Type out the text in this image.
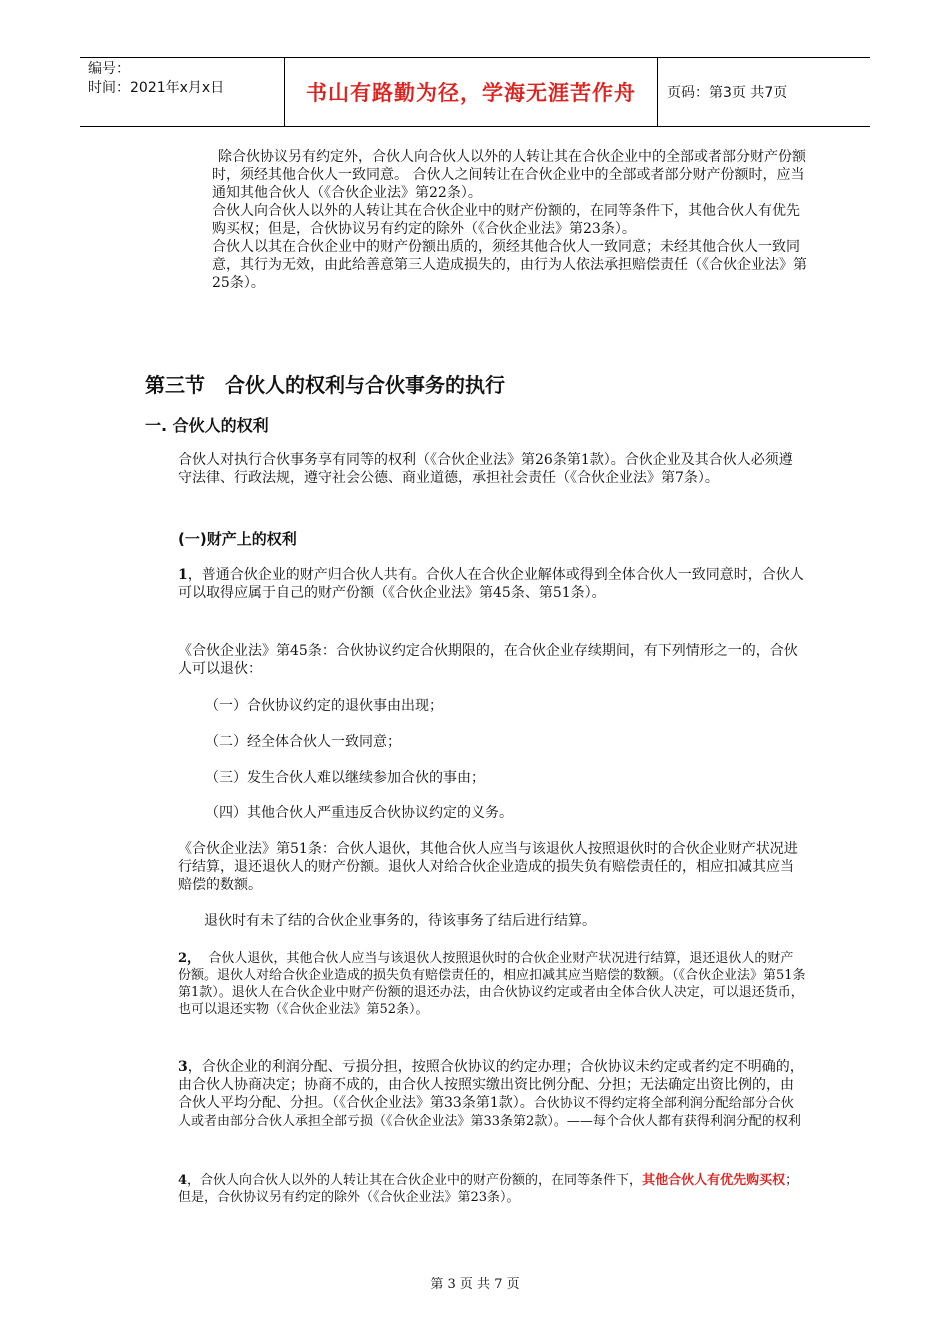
编号：
时间：2021年x月x日	书山有路勤为径，学海无涯苦作舟	页码：第3页 共7页

除合伙协议另有约定外，合伙人向合伙人以外的人转让其在合伙企业中的全部或者部分财产份额时，须经其他合伙人一致同意。 合伙人之间转让在合伙企业中的全部或者部分财产份额时，应当通知其他合伙人（《合伙企业法》第22条）。

合伙人向合伙人以外的人转让其在合伙企业中的财产份额的，在同等条件下，其他合伙人有优先购买权；但是，合伙协议另有约定的除外（《合伙企业法》第23条）。

合伙人以其在合伙企业中的财产份额出质的，须经其他合伙人一致同意；未经其他合伙人一致同意，其行为无效，由此给善意第三人造成损失的，由行为人依法承担赔偿责任（《合伙企业法》第25条）。

第三节　合伙人的权利与合伙事务的执行
一. 合伙人的权利
合伙人对执行合伙事务享有同等的权利（《合伙企业法》第26条第1款）。合伙企业及其合伙人必须遵守法律、行政法规，遵守社会公德、商业道德，承担社会责任（《合伙企业法》第7条）。
(一)财产上的权利
1，普通合伙企业的财产归合伙人共有。合伙人在合伙企业解体或得到全体合伙人一致同意时，合伙人可以取得应属于自己的财产份额（《合伙企业法》第45条、第51条）。
《合伙企业法》第45条：合伙协议约定合伙期限的，在合伙企业存续期间，有下列情形之一的，合伙人可以退伙：
（一）合伙协议约定的退伙事由出现；
（二）经全体合伙人一致同意；
（三）发生合伙人难以继续参加合伙的事由；
（四）其他合伙人严重违反合伙协议约定的义务。
《合伙企业法》第51条：合伙人退伙，其他合伙人应当与该退伙人按照退伙时的合伙企业财产状况进行结算，退还退伙人的财产份额。退伙人对给合伙企业造成的损失负有赔偿责任的，相应扣减其应当赔偿的数额。
退伙时有未了结的合伙企业事务的，待该事务了结后进行结算。
2， 合伙人退伙，其他合伙人应当与该退伙人按照退伙时的合伙企业财产状况进行结算，退还退伙人的财产份额。退伙人对给合伙企业造成的损失负有赔偿责任的，相应扣减其应当赔偿的数额。（《合伙企业法》第51条第1款）。退伙人在合伙企业中财产份额的退还办法，由合伙协议约定或者由全体合伙人决定，可以退还货币，也可以退还实物（《合伙企业法》第52条）。
3，合伙企业的利润分配、亏损分担，按照合伙协议的约定办理；合伙协议未约定或者约定不明确的，由合伙人协商决定；协商不成的，由合伙人按照实缴出资比例分配、分担；无法确定出资比例的，由合伙人平均分配、分担。（《合伙企业法》第33条第1款）。合伙协议不得约定将全部利润分配给部分合伙人或者由部分合伙人承担全部亏损（《合伙企业法》第33条第2款）。——每个合伙人都有获得利润分配的权利
4，合伙人向合伙人以外的人转让其在合伙企业中的财产份额的，在同等条件下，其他合伙人有优先购买权；但是，合伙协议另有约定的除外（《合伙企业法》第23条）。
第 3 页 共 7 页
